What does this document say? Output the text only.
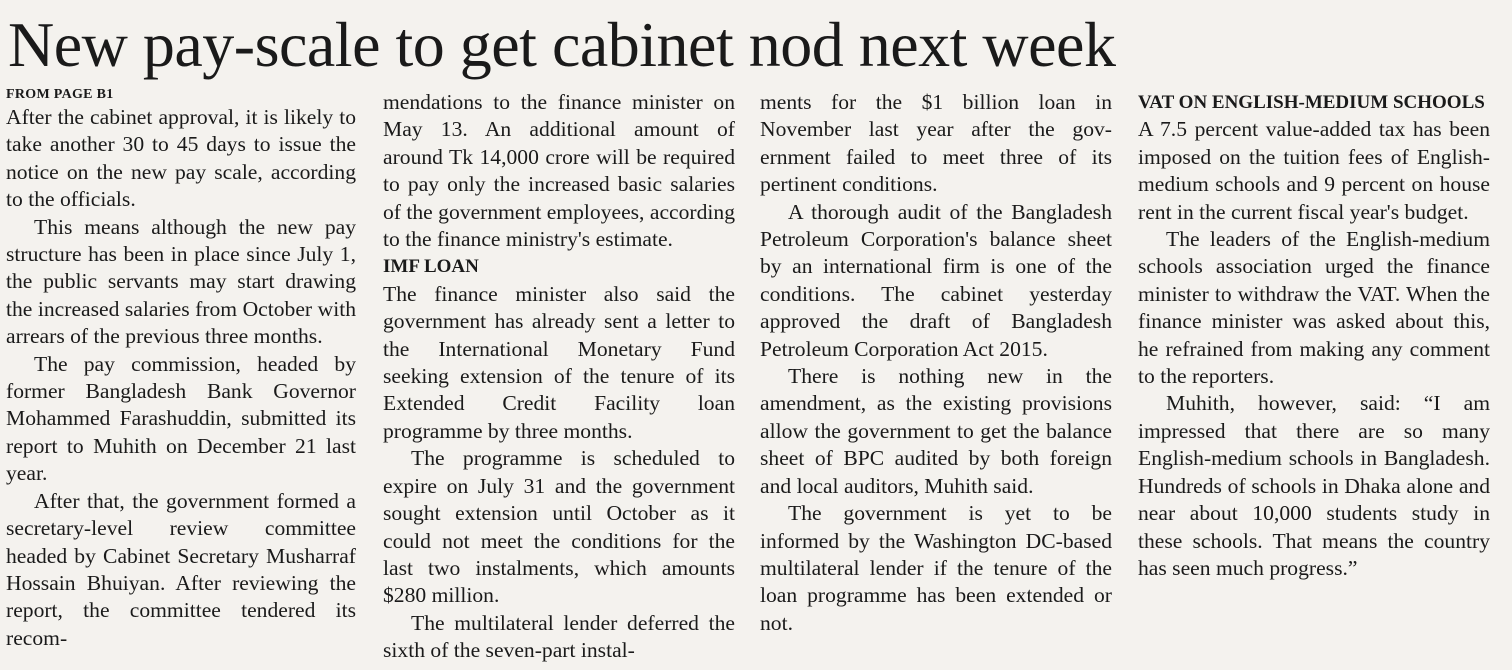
New pay-scale to get cabinet nod next week

FROM PAGE B1

After the cabinet approval, it is likely to take another 30 to 45 days to issue the notice on the new pay scale, according to the officials.

This means although the new pay structure has been in place since July 1, the public servants may start drawing the increased salaries from October with arrears of the previous three months.

The pay commission, headed by former Bangladesh Bank Governor Mohammed Farashuddin, submitted its report to Muhith on December 21 last year.

After that, the government formed a secretary-level review committee headed by Cabinet Secretary Musharraf Hossain Bhuiyan. After reviewing the report, the committee tendered its recom-

mendations to the finance minister on May 13. An additional amount of around Tk 14,000 crore will be required to pay only the increased basic salaries of the government employees, according to the finance ministry's estimate.

IMF LOAN

The finance minister also said the government has already sent a letter to the International Monetary Fund seeking extension of the tenure of its Extended Credit Facility loan programme by three months.

The programme is scheduled to expire on July 31 and the government sought extension until October as it could not meet the conditions for the last two instalments, which amounts $280 million.

The multilateral lender deferred the sixth of the seven-part instal-

ments for the $1 billion loan in November last year after the government failed to meet three of its pertinent conditions.

A thorough audit of the Bangladesh Petroleum Corporation's balance sheet by an international firm is one of the conditions. The cabinet yesterday approved the draft of Bangladesh Petroleum Corporation Act 2015.

There is nothing new in the amendment, as the existing provisions allow the government to get the balance sheet of BPC audited by both foreign and local auditors, Muhith said.

The government is yet to be informed by the Washington DC-based multilateral lender if the tenure of the loan programme has been extended or not.

VAT ON ENGLISH-MEDIUM SCHOOLS

A 7.5 percent value-added tax has been imposed on the tuition fees of English-medium schools and 9 percent on house rent in the current fiscal year's budget.

The leaders of the English-medium schools association urged the finance minister to withdraw the VAT. When the finance minister was asked about this, he refrained from making any comment to the reporters.

Muhith, however, said: “I am impressed that there are so many English-medium schools in Bangladesh. Hundreds of schools in Dhaka alone and near about 10,000 students study in these schools. That means the country has seen much progress.”
